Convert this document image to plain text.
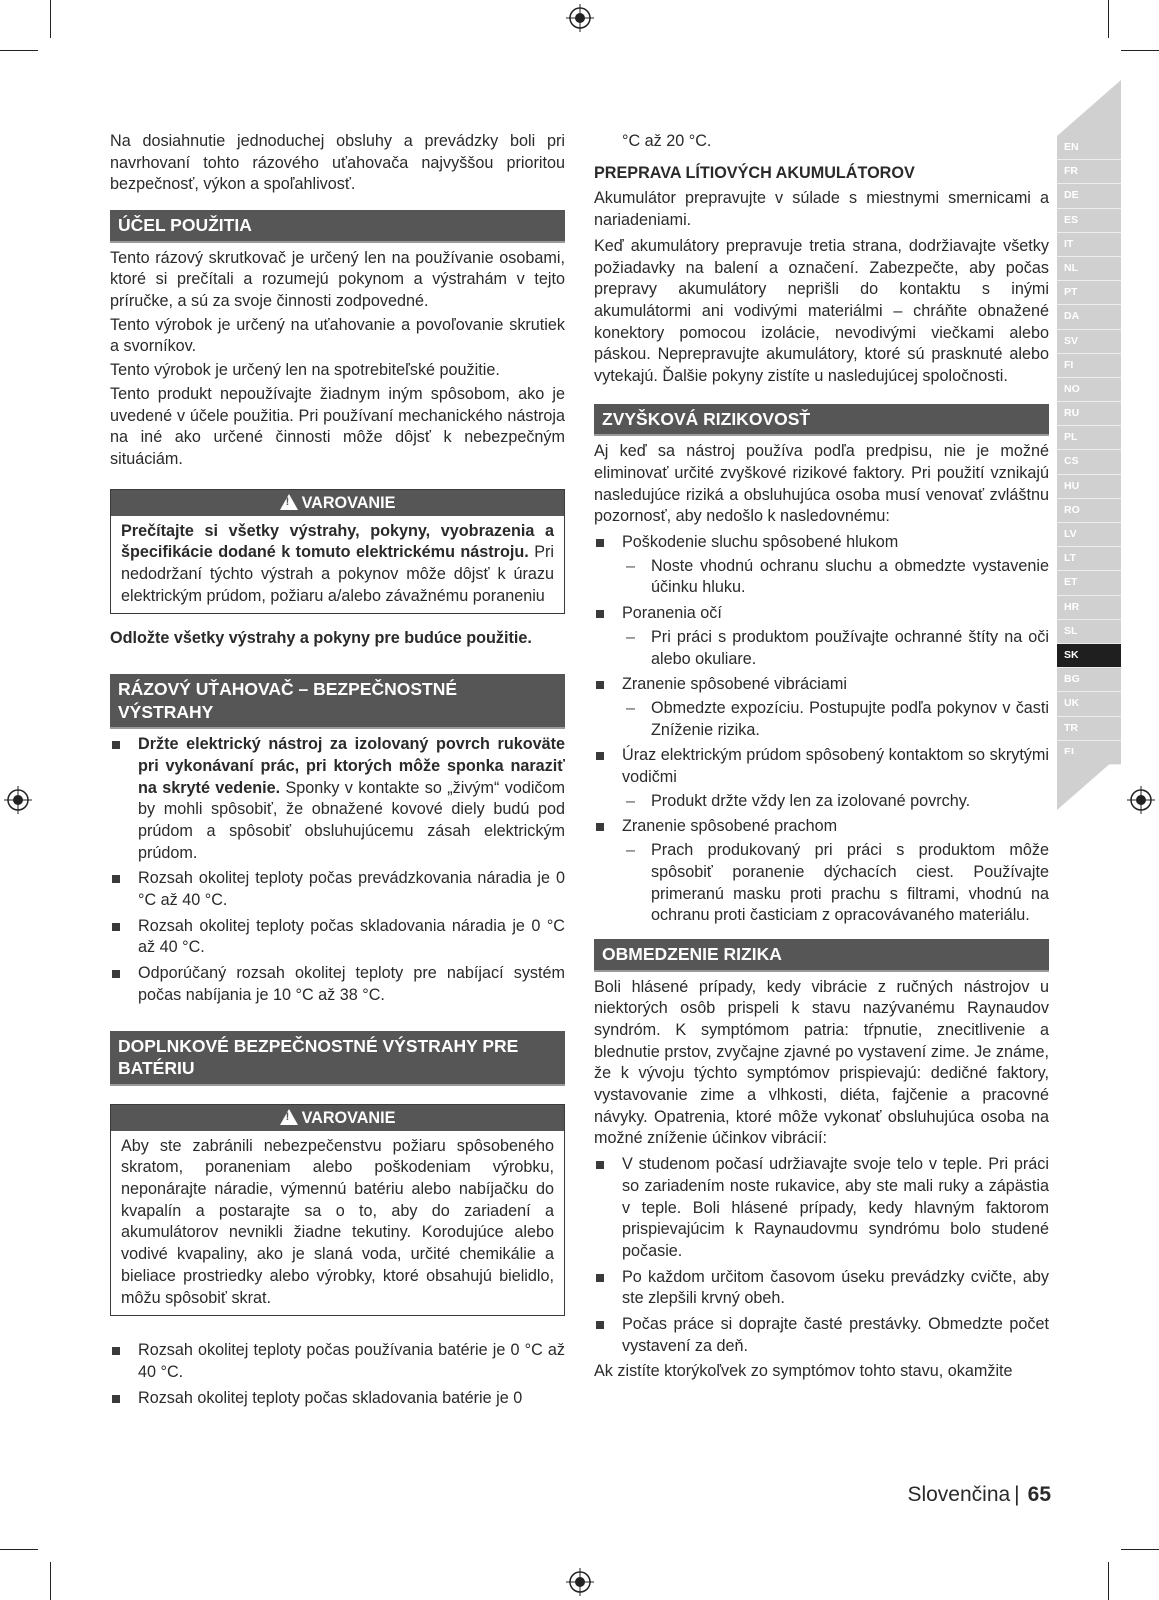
Na dosiahnutie jednoduchej obsluhy a prevádzky boli pri navrhovaní tohto rázového uťahovača najvyššou prioritou bezpečnosť, výkon a spoľahlivosť.

ÚČEL POUŽITIA

Tento rázový skrutkovač je určený len na používanie osobami, ktoré si prečítali a rozumejú pokynom a výstrahám v tejto príručke, a sú za svoje činnosti zodpovedné.

Tento výrobok je určený na uťahovanie a povoľovanie skrutiek a svorníkov.

Tento výrobok je určený len na spotrebiteľské použitie.

Tento produkt nepoužívajte žiadnym iným spôsobom, ako je uvedené v účele použitia. Pri používaní mechanického nástroja na iné ako určené činnosti môže dôjsť k nebezpečným situáciám.

!VAROVANIE
Prečítajte si všetky výstrahy, pokyny, vyobrazenia a špecifikácie dodané k tomuto elektrickému nástroju. Pri nedodržaní týchto výstrah a pokynov môže dôjsť k úrazu elektrickým prúdom, požiaru a/alebo závažnému poraneniu

Odložte všetky výstrahy a pokyny pre budúce použitie.

RÁZOVÝ UŤAHOVAČ – BEZPEČNOSTNÉ VÝSTRAHY
Držte elektrický nástroj za izolovaný povrch rukoväte pri vykonávaní prác, pri ktorých môže sponka naraziť na skryté vedenie. Sponky v kontakte so „živým“ vodičom by mohli spôsobiť, že obnažené kovové diely budú pod prúdom a spôsobiť obsluhujúcemu zásah elektrickým prúdom.
Rozsah okolitej teploty počas prevádzkovania náradia je 0 °C až 40 °C.
Rozsah okolitej teploty počas skladovania náradia je 0 °C až 40 °C.
Odporúčaný rozsah okolitej teploty pre nabíjací systém počas nabíjania je 10 °C až 38 °C.
DOPLNKOVÉ BEZPEČNOSTNÉ VÝSTRAHY PRE BATÉRIU
!VAROVANIE
Aby ste zabránili nebezpečenstvu požiaru spôsobeného skratom, poraneniam alebo poškodeniam výrobku, neponárajte náradie, výmennú batériu alebo nabíjačku do kvapalín a postarajte sa o to, aby do zariadení a akumulátorov nevnikli žiadne tekutiny. Korodujúce alebo vodivé kvapaliny, ako je slaná voda, určité chemikálie a bieliace prostriedky alebo výrobky, ktoré obsahujú bielidlo, môžu spôsobiť skrat.
Rozsah okolitej teploty počas používania batérie je 0 °C až 40 °C.
Rozsah okolitej teploty počas skladovania batérie je 0

°C až 20 °C.

PREPRAVA LÍTIOVÝCH AKUMULÁTOROV

Akumulátor prepravujte v súlade s miestnymi smernicami a nariadeniami.

Keď akumulátory prepravuje tretia strana, dodržiavajte všetky požiadavky na balení a označení. Zabezpečte, aby počas prepravy akumulátory neprišli do kontaktu s inými akumulátormi ani vodivými materiálmi – chráňte obnažené konektory pomocou izolácie, nevodivými viečkami alebo páskou. Neprepravujte akumulátory, ktoré sú prasknuté alebo vytekajú. Ďalšie pokyny zistíte u nasledujúcej spoločnosti.

ZVYŠKOVÁ RIZIKOVOSŤ

Aj keď sa nástroj používa podľa predpisu, nie je možné eliminovať určité zvyškové rizikové faktory. Pri použití vznikajú nasledujúce riziká a obsluhujúca osoba musí venovať zvláštnu pozornosť, aby nedošlo k nasledovnému:

Poškodenie sluchu spôsobené hlukom
– Noste vhodnú ochranu sluchu a obmedzte vystavenie účinku hluku.
Poranenia očí
– Pri práci s produktom používajte ochranné štíty na oči alebo okuliare.
Zranenie spôsobené vibráciami
– Obmedzte expozíciu. Postupujte podľa pokynov v časti Zníženie rizika.
Úraz elektrickým prúdom spôsobený kontaktom so skrytými vodičmi
– Produkt držte vždy len za izolované povrchy.
Zranenie spôsobené prachom
– Prach produkovaný pri práci s produktom môže spôsobiť poranenie dýchacích ciest. Používajte primeranú masku proti prachu s filtrami, vhodnú na ochranu proti časticiam z opracovávaného materiálu.
OBMEDZENIE RIZIKA

Boli hlásené prípady, kedy vibrácie z ručných nástrojov u niektorých osôb prispeli k stavu nazývanému Raynaudov syndróm. K symptómom patria: tŕpnutie, znecitlivenie a blednutie prstov, zvyčajne zjavné po vystavení zime. Je známe, že k vývoju týchto symptómov prispievajú: dedičné faktory, vystavovanie zime a vlhkosti, diéta, fajčenie a pracovné návyky. Opatrenia, ktoré môže vykonať obsluhujúca osoba na možné zníženie účinkov vibrácií:

V studenom počasí udržiavajte svoje telo v teple. Pri práci so zariadením noste rukavice, aby ste mali ruky a zápästia v teple. Boli hlásené prípady, kedy hlavným faktorom prispievajúcim k Raynaudovmu syndrómu bolo studené počasie.
Po každom určitom časovom úseku prevádzky cvičte, aby ste zlepšili krvný obeh.
Počas práce si doprajte časté prestávky. Obmedzte počet vystavení za deň.

Ak zistíte ktorýkoľvek zo symptómov tohto stavu, okamžite

EN
FR
DE
ES
IT
NL
PT
DA
SV
FI
NO
RU
PL
CS
HU
RO
LV
LT
ET
HR
SL
SK
BG
UK
TR
EL
Slovenčina | 65
